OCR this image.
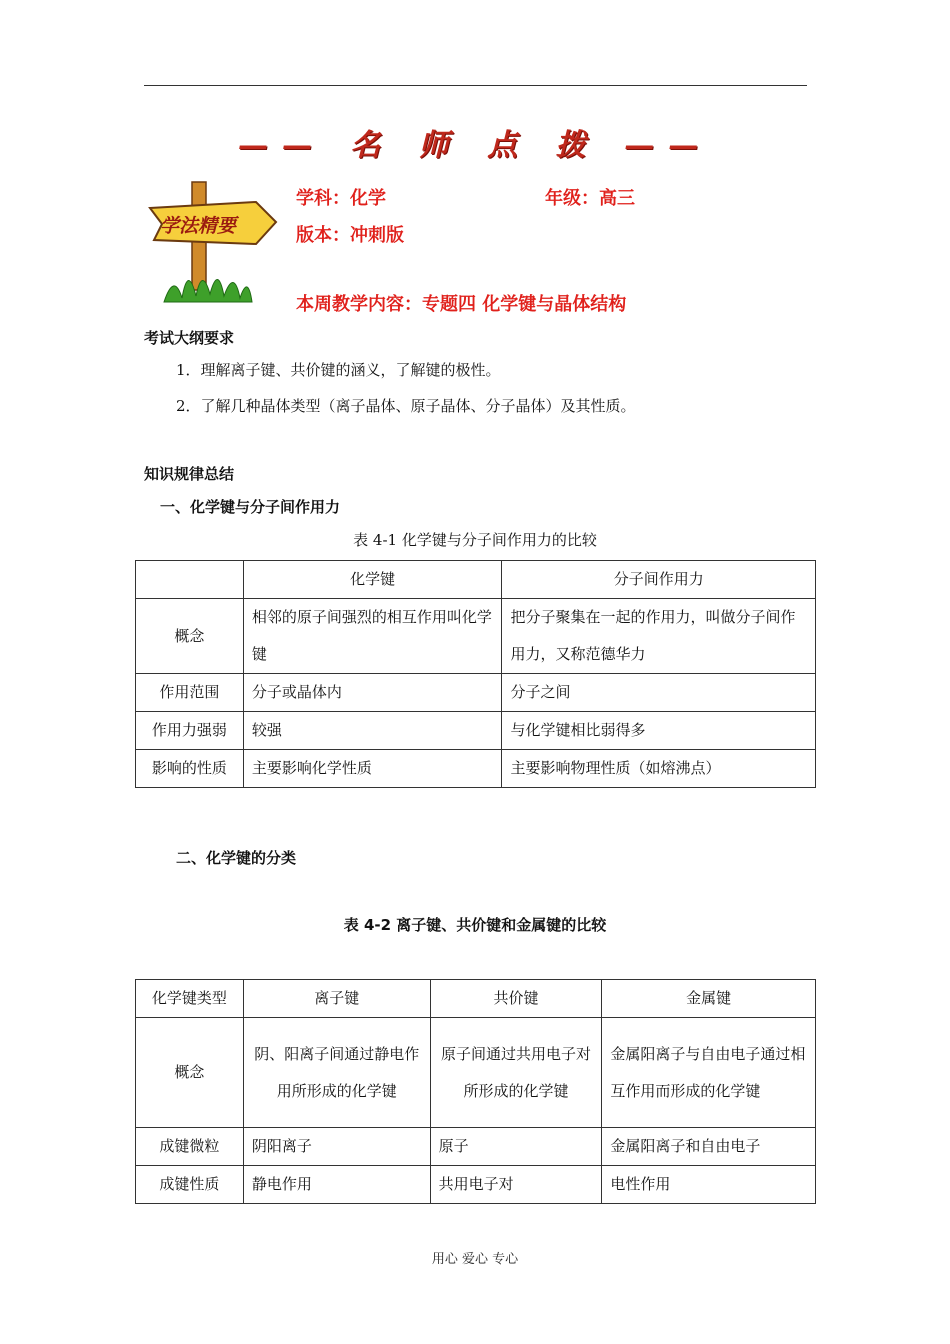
—— 名 师 点 拨 ——
学法精要
学科：化学	年级：高三
版本：冲刺版
本周教学内容：专题四 化学键与晶体结构
考试大纲要求
1．理解离子键、共价键的涵义，了解键的极性。
2．了解几种晶体类型（离子晶体、原子晶体、分子晶体）及其性质。
知识规律总结
一、化学键与分子间作用力
表 4-1 化学键与分子间作用力的比较
	化学键	分子间作用力
概念	相邻的原子间强烈的相互作用叫化学键	把分子聚集在一起的作用力，叫做分子间作用力，又称范德华力
作用范围	分子或晶体内	分子之间
作用力强弱	较强	与化学键相比弱得多
影响的性质	主要影响化学性质	主要影响物理性质（如熔沸点）
二、化学键的分类
表 4-2 离子键、共价键和金属键的比较
化学键类型	离子键	共价键	金属键
概念	阴、阳离子间通过静电作用所形成的化学键	原子间通过共用电子对所形成的化学键	金属阳离子与自由电子通过相互作用而形成的化学键
成键微粒	阴阳离子	原子	金属阳离子和自由电子
成键性质	静电作用	共用电子对	电性作用
用心 爱心 专心
